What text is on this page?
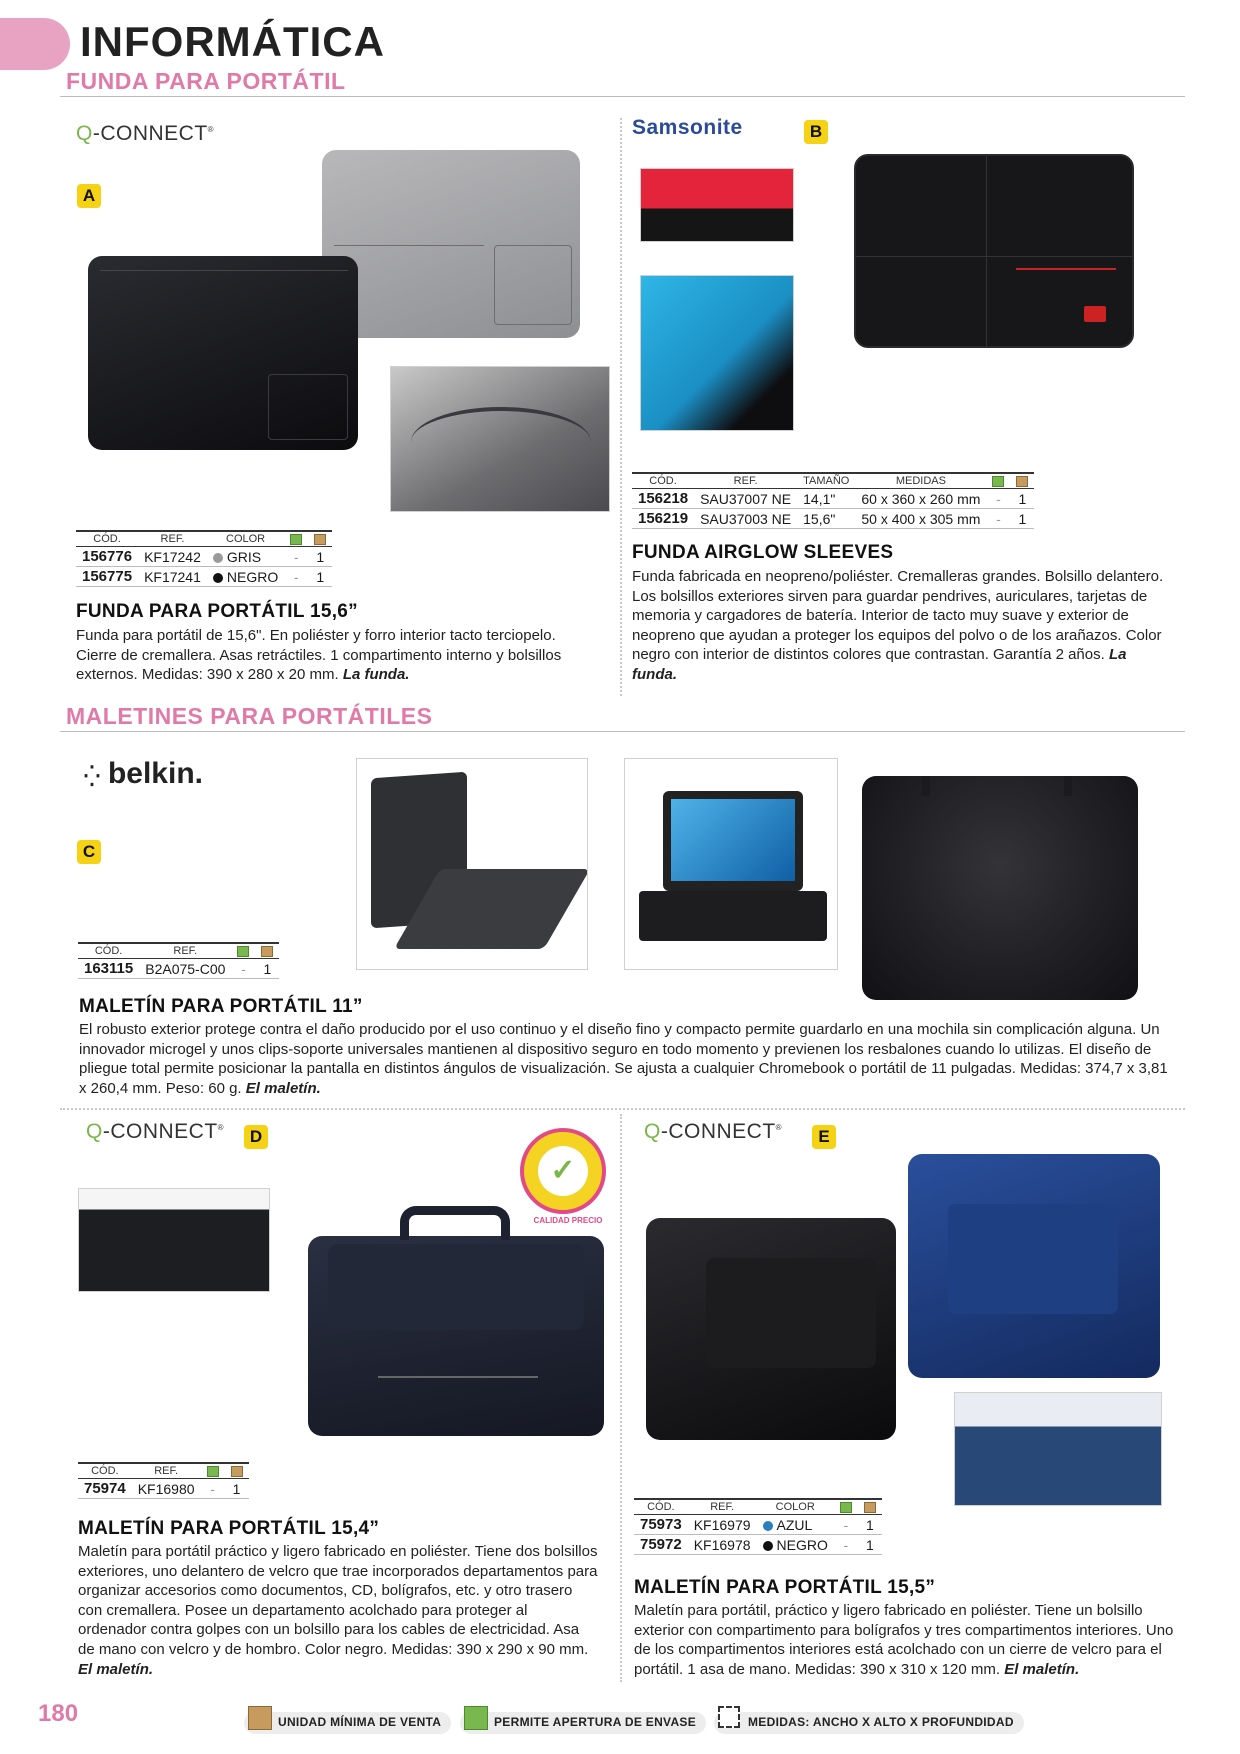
INFORMÁTICA
FUNDA PARA PORTÁTIL
Q-CONNECT®
A
CÓD.	REF.	COLOR		
156776	KF17242	GRIS	-	1
156775	KF17241	NEGRO	-	1
FUNDA PARA PORTÁTIL 15,6”
Funda para portátil de 15,6". En poliéster y forro interior tacto terciopelo. Cierre de cremallera. Asas retráctiles. 1 compartimento interno y bolsillos externos. Medidas: 390 x 280 x 20 mm. La funda.
Samsonite	B
CÓD.	REF.	TAMAÑO	MEDIDAS		
156218	SAU37007 NE	14,1"	60 x 360 x 260 mm	-	1
156219	SAU37003 NE	15,6"	50 x 400 x 305 mm	-	1
FUNDA AIRGLOW SLEEVES
Funda fabricada en neopreno/poliéster. Cremalleras grandes. Bolsillo delantero. Los bolsillos exteriores sirven para guardar pendrives, auriculares, tarjetas de memoria y cargadores de batería. Interior de tacto muy suave y exterior de neopreno que ayudan a proteger los equipos del polvo o de los arañazos. Color negro con interior de distintos colores que contrastan. Garantía 2 años. La funda.
MALETINES PARA PORTÁTILES
⁛ belkin.
C
CÓD.	REF.		
163115	B2A075-C00	-	1
MALETÍN PARA PORTÁTIL 11”
El robusto exterior protege contra el daño producido por el uso continuo y el diseño fino y compacto permite guardarlo en una mochila sin complicación alguna. Un innovador microgel y unos clips-soporte universales mantienen al dispositivo seguro en todo momento y previenen los resbalones cuando lo utilizas. El diseño de pliegue total permite posicionar la pantalla en distintos ángulos de visualización. Se ajusta a cualquier Chromebook o portátil de 11 pulgadas. Medidas: 374,7 x 3,81 x 260,4 mm. Peso: 60 g. El maletín.
Q-CONNECT®	D
✓
CALIDAD PRECIO
CÓD.	REF.		
75974	KF16980	-	1
MALETÍN PARA PORTÁTIL 15,4”
Maletín para portátil práctico y ligero fabricado en poliéster. Tiene dos bolsillos exteriores, uno delantero de velcro que trae incorporados departamentos para organizar accesorios como documentos, CD, bolígrafos, etc. y otro trasero con cremallera. Posee un departamento acolchado para proteger al ordenador contra golpes con un bolsillo para los cables de electricidad. Asa de mano con velcro y de hombro. Color negro. Medidas: 390 x 290 x 90 mm. El maletín.
Q-CONNECT®	E
CÓD.	REF.	COLOR		
75973	KF16979	AZUL	-	1
75972	KF16978	NEGRO	-	1
MALETÍN PARA PORTÁTIL 15,5”
Maletín para portátil, práctico y ligero fabricado en poliéster. Tiene un bolsillo exterior con compartimento para bolígrafos y tres compartimentos interiores. Uno de los compartimentos interiores está acolchado con un cierre de velcro para el portátil. 1 asa de mano. Medidas: 390 x 310 x 120 mm. El maletín.
180	UNIDAD MÍNIMA DE VENTA	PERMITE APERTURA DE ENVASE	MEDIDAS: ANCHO X ALTO X PROFUNDIDAD
